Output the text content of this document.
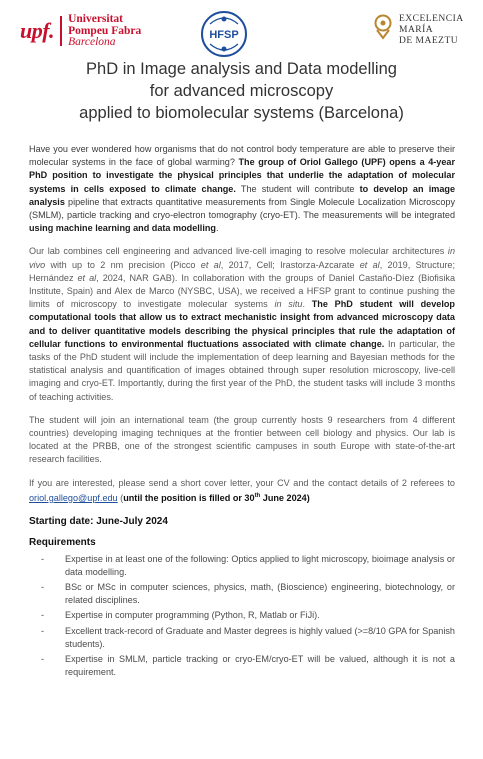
upf.	Universitat
Pompeu Fabra
Barcelona
HFSP
EXCELENCIA
MARÍA
DE MAEZTU
PhD in Image analysis and Data modelling
for advanced microscopy
applied to biomolecular systems (Barcelona)

Have you ever wondered how organisms that do not control body temperature are able to preserve their molecular systems in the face of global warming? The group of Oriol Gallego (UPF) opens a 4-year PhD position to investigate the physical principles that underlie the adaptation of molecular systems in cells exposed to climate change. The student will contribute to develop an image analysis pipeline that extracts quantitative measurements from Single Molecule Localization Microscopy (SMLM), particle tracking and cryo-electron tomography (cryo-ET). The measurements will be integrated using machine learning and data modelling.

Our lab combines cell engineering and advanced live-cell imaging to resolve molecular architectures in vivo with up to 2 nm precision (Picco et al, 2017, Cell; Irastorza-Azcarate et al, 2019, Structure; Hernández et al, 2024, NAR GAB). In collaboration with the groups of Daniel Castaño-Díez (Biofisika Institute, Spain) and Alex de Marco (NYSBC, USA), we received a HFSP grant to continue pushing the limits of microscopy to investigate molecular systems in situ. The PhD student will develop computational tools that allow us to extract mechanistic insight from advanced microscopy data and to deliver quantitative models describing the physical principles that rule the adaptation of cellular functions to environmental fluctuations associated with climate change. In particular, the tasks of the PhD student will include the implementation of deep learning and Bayesian methods for the statistical analysis and quantification of images obtained through super resolution microscopy, live-cell imaging and cryo-ET. Importantly, during the first year of the PhD, the student tasks will include 3 months of teaching activities.

The student will join an international team (the group currently hosts 9 researchers from 4 different countries) developing imaging techniques at the frontier between cell biology and physics. Our lab is located at the PRBB, one of the strongest scientific campuses in south Europe with state-of-the-art research facilities.

If you are interested, please send a short cover letter, your CV and the contact details of 2 referees to oriol.gallego@upf.edu (until the position is filled or 30th June 2024)

Starting date: June-July 2024
Requirements
- Expertise in at least one of the following: Optics applied to light microscopy, bioimage analysis or data modelling.
- BSc or MSc in computer sciences, physics, math, (Bioscience) engineering, biotechnology, or related disciplines.
- Expertise in computer programming (Python, R, Matlab or FiJi).
- Excellent track-record of Graduate and Master degrees is highly valued (>=8/10 GPA for Spanish students).
- Expertise in SMLM, particle tracking or cryo-EM/cryo-ET will be valued, although it is not a requirement.
